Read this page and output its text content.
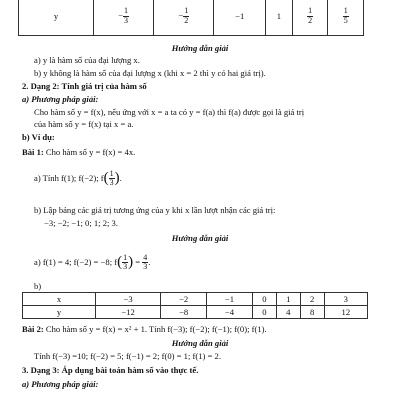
y	− $\frac{1}{3}$	− $\frac{1}{2}$	−1	1	$\frac{1}{2}$	$\frac{1}{5}$
Hướng dẫn giải
a) y là hàm số của đại lượng x.
b) y không là hàm số của đại lượng x (khi x = 2 thì y có hai giá trị).
2. Dạng 2: Tính giá trị của hàm số
a) Phương pháp giải:
Cho hàm số y = f(x), nếu ứng với x = a ta có y = f(a) thì f(a) được gọi là giá trị
của hàm số y = f(x) tại x = a.
b) Ví dụ:
Bài 1: Cho hàm số y = f(x) = 4x.
a) Tính f(1); f(−2); $f( \frac{1}{3}$ ).
b) Lập bảng các giá trị tương ứng của y khi x lần lượt nhận các giá trị:
−3; −2; −1; 0; 1; 2; 3.
Hướng dẫn giải
a) f(1) = 4; f(−2) = −8; $f( \frac{1}{3}$ ) = $\frac{4}{3}$ .
b)
x	−3	−2	−1	0	1	2	3
y	−12	−8	−4	0	4	8	12
Bài 2: Cho hàm số y = f(x) = x² + 1. Tính f(−3); f(−2); f(−1); f(0); f(1).
Hướng dẫn giải
Tính f(−3) =10; f(−2) = 5; f(−1) = 2; f(0) = 1; f(1) = 2.
3. Dạng 3: Áp dụng bài toán hàm số vào thực tế.
a) Phương pháp giải:
